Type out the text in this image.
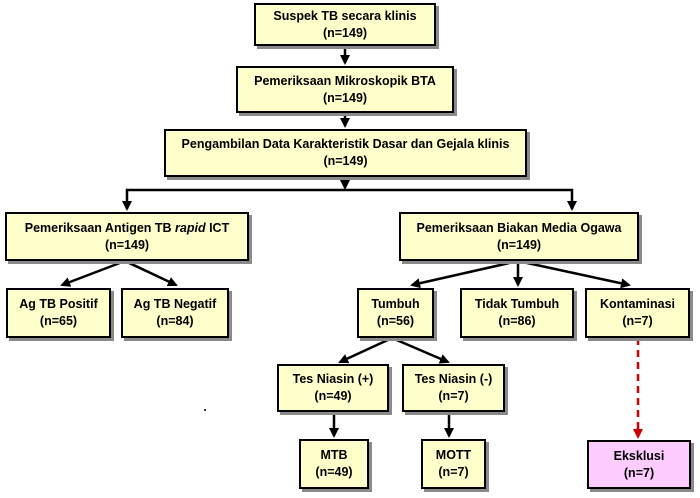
Suspek TB secara klinis
(n=149)
Pemeriksaan Mikroskopik BTA
(n=149)
Pengambilan Data Karakteristik Dasar dan Gejala klinis
(n=149)
Pemeriksaan Antigen TB rapid ICT
(n=149)
Pemeriksaan Biakan Media Ogawa
(n=149)
Ag TB Positif
(n=65)
Ag TB Negatif
(n=84)
Tumbuh
(n=56)
Tidak Tumbuh
(n=86)
Kontaminasi
(n=7)
Tes Niasin (+)
(n=49)
Tes Niasin (-)
(n=7)
MTB
(n=49)
MOTT
(n=7)
Eksklusi
(n=7)
